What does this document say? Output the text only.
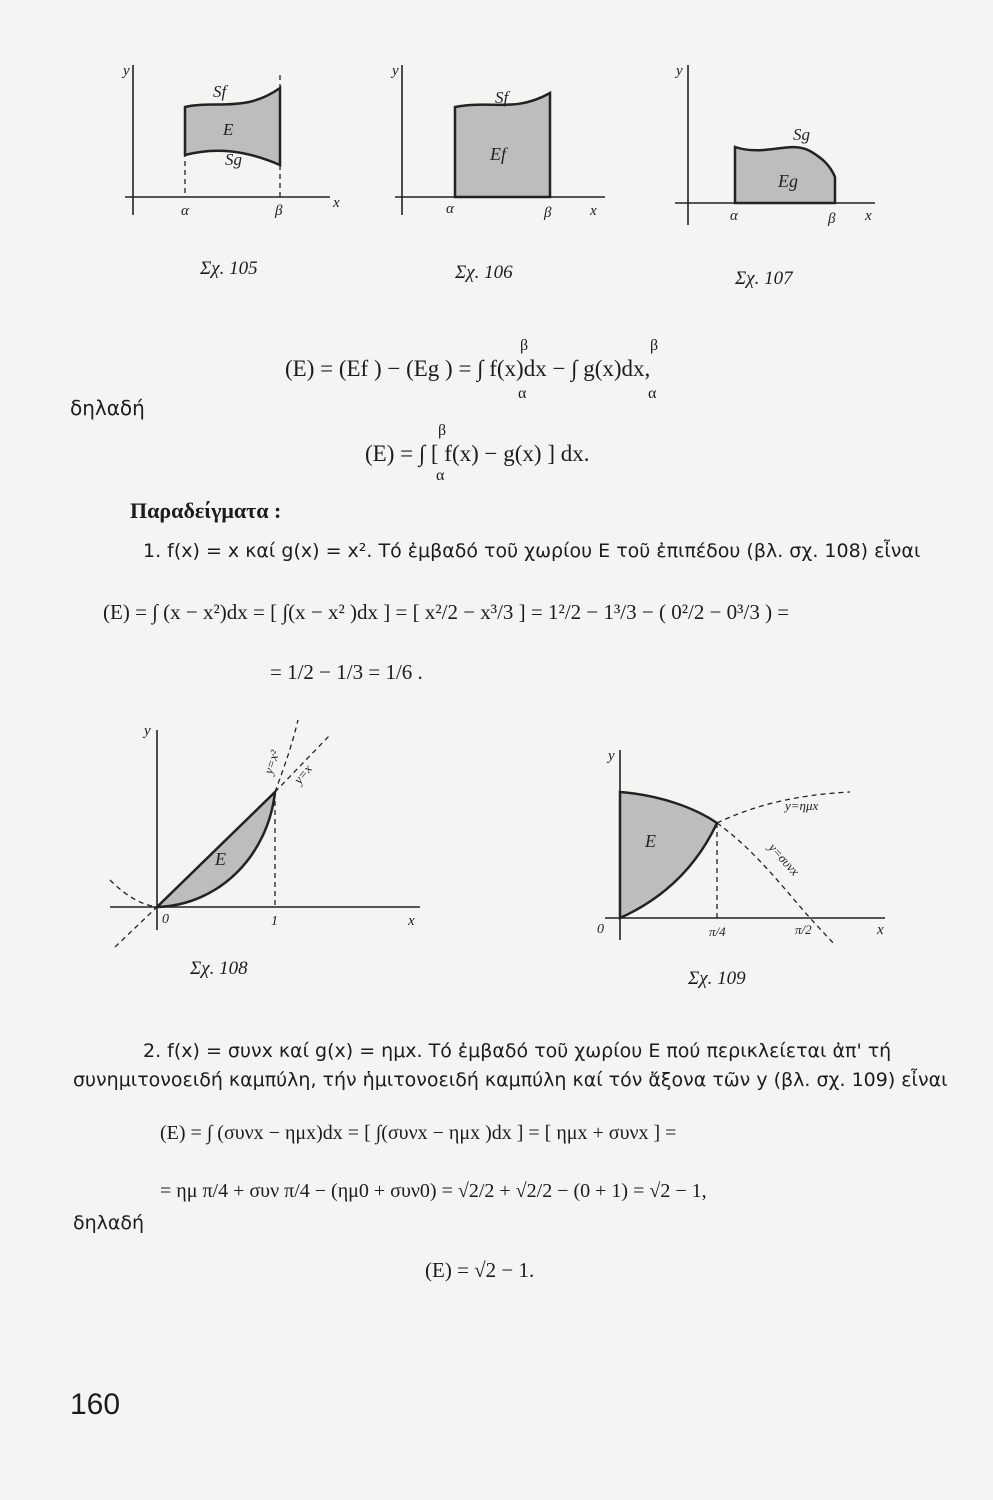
y
x
α	β
Sf
E
Sg
Σχ. 105
y
x
α	β
Sf
Ef
Σχ. 106
y
x
α	β
Sg
Eg
Σχ. 107
β
α
β
α
(E) = (Ef ) − (Eg ) = ∫ f(x)dx − ∫ g(x)dx,
δηλαδή
β
α
(E) = ∫ [ f(x) − g(x) ] dx.
Παραδείγματα :
1. f(x) = x καί g(x) = x². Τό ἐμβαδό τοῦ χωρίου Ε τοῦ ἐπιπέδου (βλ. σχ. 108) εἶναι
(E) = ∫ (x − x²)dx = [ ∫(x − x² )dx ] = [ x²/2 − x³/3 ] = 1²/2 − 1³/3 − ( 0²/2 − 0³/3 ) =
= 1/2 − 1/3 = 1/6 .
y
x
0	1
E
y=x² y=x
Σχ. 108
y
x
0	π/4	π/2
E
y=ημx
y=συνx
Σχ. 109
2. f(x) = συνx καί g(x) = ημx. Τό ἐμβαδό τοῦ χωρίου Ε πού περικλείεται ἀπ' τή
συνημιτονοειδή καμπύλη, τήν ἡμιτονοειδή καμπύλη καί τόν ἄξονα τῶν y (βλ. σχ. 109) εἶναι
(E) = ∫ (συνx − ημx)dx = [ ∫(συνx − ημx )dx ] = [ ημx + συνx ] =
= ημ π/4 + συν π/4 − (ημ0 + συν0) = √2/2 + √2/2 − (0 + 1) = √2 − 1,
δηλαδή
(E) = √2 − 1.
160
